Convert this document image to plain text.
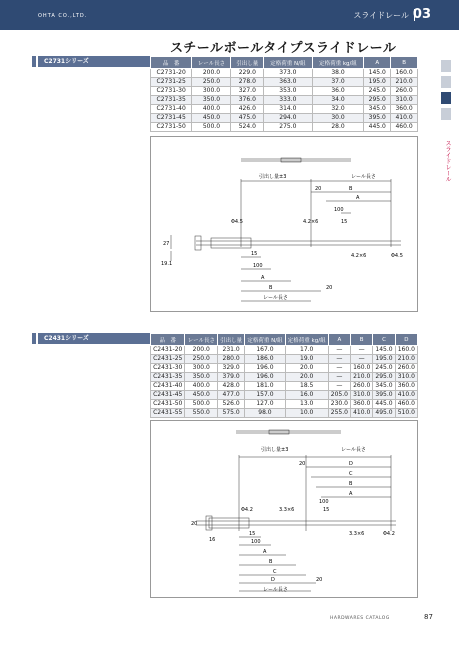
OHTA CO.,LTD.	スライドレール 03
スチールボールタイプスライドレール
スライドレール
C2731シリーズ	品　番	レール長さ	引出し量	定格荷重 N/組	定格荷重 kg/組	A	B
C2731-20	200.0	229.0	373.0	38.0	145.0	160.0
C2731-25	250.0	278.0	363.0	37.0	195.0	210.0
C2731-30	300.0	327.0	353.0	36.0	245.0	260.0
C2731-35	350.0	376.0	333.0	34.0	295.0	310.0
C2731-40	400.0	426.0	314.0	32.0	345.0	360.0
C2731-45	450.0	475.0	294.0	30.0	395.0	410.0
C2731-50	500.0	524.0	275.0	28.0	445.0	460.0
引出し量±3	レール長さ
20	B
A
100
15
Φ4.5	4.2×6
27
19.1
15
100
A
B	20
レール長さ
4.2×6	Φ4.5
C2431シリーズ	品　番	レール長さ	引出し量	定格荷重 N/組	定格荷重 kg/組	A	B	C	D
C2431-20	200.0	231.0	167.0	17.0	—	—	145.0	160.0
C2431-25	250.0	280.0	186.0	19.0	—	—	195.0	210.0
C2431-30	300.0	329.0	196.0	20.0	—	160.0	245.0	260.0
C2431-35	350.0	379.0	196.0	20.0	—	210.0	295.0	310.0
C2431-40	400.0	428.0	181.0	18.5	—	260.0	345.0	360.0
C2431-45	450.0	477.0	157.0	16.0	205.0	310.0	395.0	410.0
C2431-50	500.0	526.0	127.0	13.0	230.0	360.0	445.0	460.0
C2431-55	550.0	575.0	98.0	10.0	255.0	410.0	495.0	510.0
引出し量±3	レール長さ
20	D
C
B
A
100
15
Φ4.2	3.3×6
20
16
15
100
A
B
C
D	20
レール長さ
3.3×6	Φ4.2
HARDWARES CATALOG	87
